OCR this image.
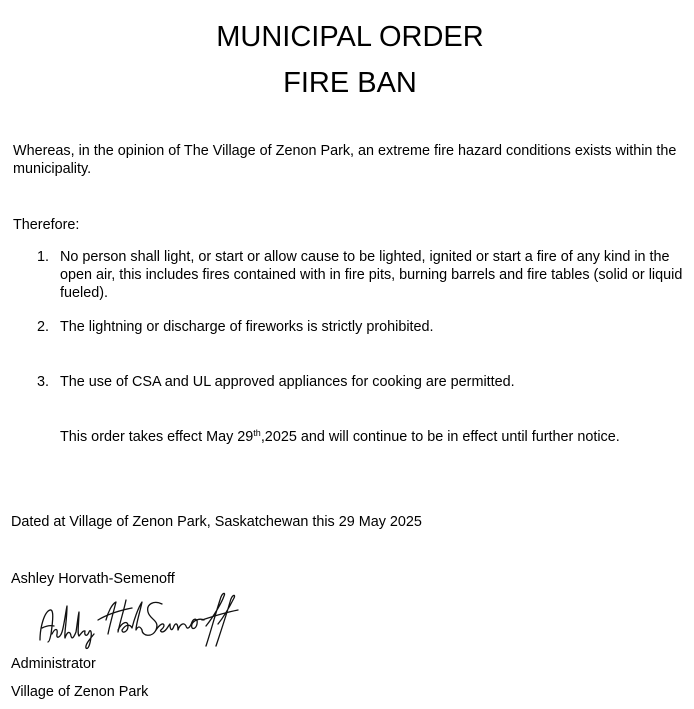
MUNICIPAL ORDER
FIRE BAN

Whereas, in the opinion of The Village of Zenon Park, an extreme fire hazard conditions exists within the municipality.

Therefore:

1. No person shall light, or start or allow cause to be lighted, ignited or start a fire of any kind in the open air, this includes fires contained with in fire pits, burning barrels and fire tables (solid or liquid fueled).

2. The lightning or discharge of fireworks is strictly prohibited.

3. The use of CSA and UL approved appliances for cooking are permitted.

This order takes effect May 29th,2025 and will continue to be in effect until further notice.

Dated at Village of Zenon Park, Saskatchewan this 29 May 2025

Ashley Horvath-Semenoff

Ashley Horvath-Semenoff

Administrator

Village of Zenon Park
